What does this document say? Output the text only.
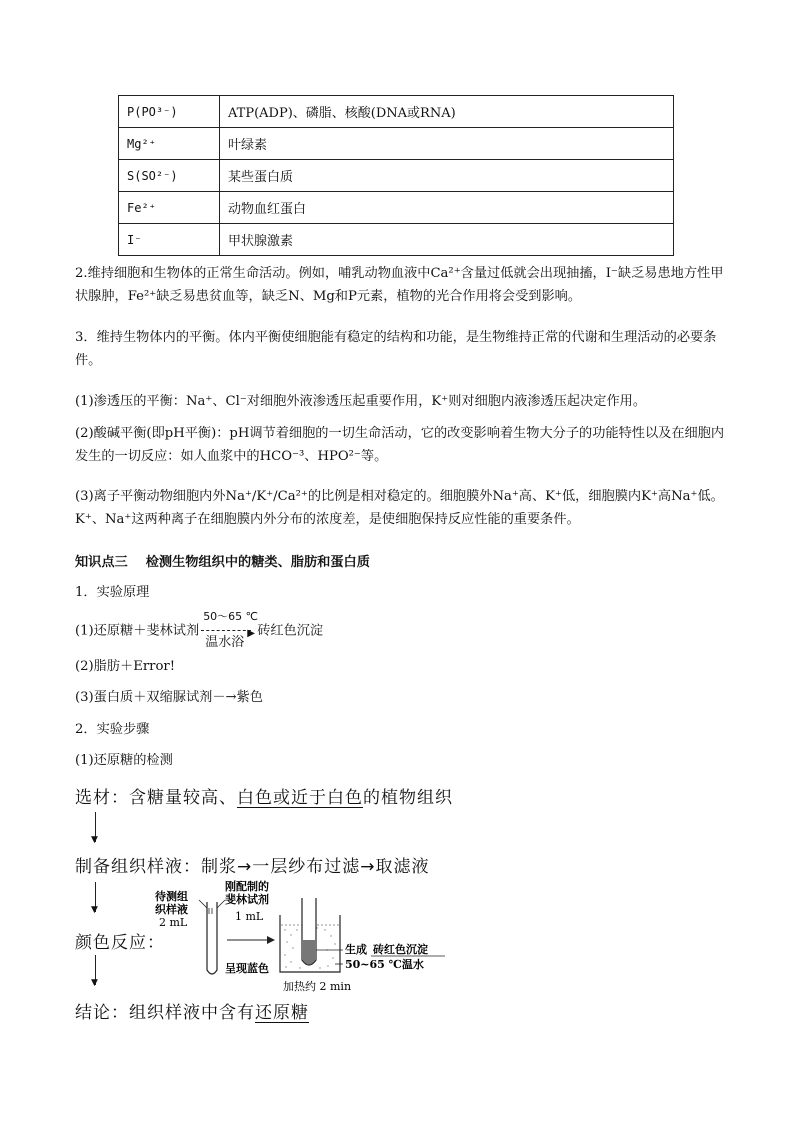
P(PO³⁻)	ATP(ADP)、磷脂、核酸(DNA或RNA)
Mg²⁺	叶绿素
S(SO²⁻)	某些蛋白质
Fe²⁺	动物血红蛋白
I⁻	甲状腺激素

2.维持细胞和生物体的正常生命活动。例如，哺乳动物血液中Ca²⁺含量过低就会出现抽搐，I⁻缺乏易患地方性甲状腺肿，Fe²⁺缺乏易患贫血等，缺乏N、Mg和P元素，植物的光合作用将会受到影响。

3．维持生物体内的平衡。体内平衡使细胞能有稳定的结构和功能，是生物维持正常的代谢和生理活动的必要条件。

(1)渗透压的平衡：Na⁺、Cl⁻对细胞外液渗透压起重要作用，K⁺则对细胞内液渗透压起决定作用。

(2)酸碱平衡(即pH平衡)：pH调节着细胞的一切生命活动，它的改变影响着生物大分子的功能特性以及在细胞内发生的一切反应：如人血浆中的HCO⁻³、HPO²⁻等。

(3)离子平衡动物细胞内外Na⁺/K⁺/Ca²⁺的比例是相对稳定的。细胞膜外Na⁺高、K⁺低，细胞膜内K⁺高Na⁺低。K⁺、Na⁺这两种离子在细胞膜内外分布的浓度差，是使细胞保持反应性能的重要条件。

知识点三 检测生物组织中的糖类、脂肪和蛋白质
1．实验原理
(1)还原糖＋斐林试剂
50～65 ℃
▶
温水浴
砖红色沉淀
(2)脂肪＋Error!
(3)蛋白质＋双缩脲试剂－→紫色
2．实验步骤
(1)还原糖的检测
选材：含糖量较高、白色或近于白色的植物组织
▼
制备组织样液：制浆→一层纱布过滤→取滤液
▼
颜色反应：
▼
结论：组织样液中含有还原糖
待测组
织样液
2 mL
刚配制的
斐林试剂
1 mL
呈现蓝色
生成 砖红色沉淀
50~65 ℃温水
加热约 2 min
